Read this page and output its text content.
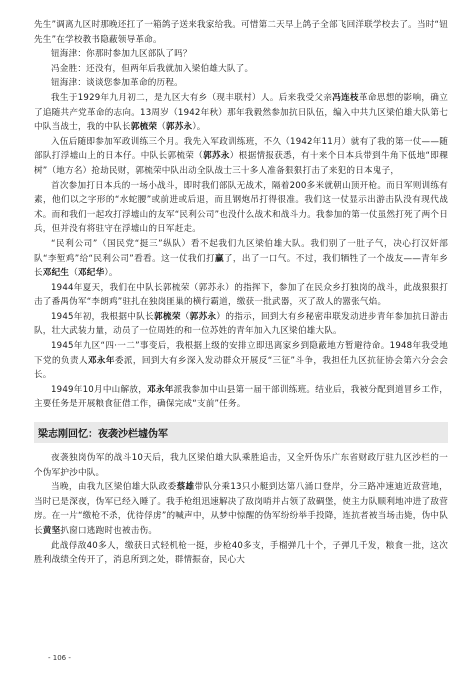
先生”调离九区时那晚还扛了一箱鸽子送来我家给我。可惜第二天早上鸽子全部飞回洋联学校去了。当时“钮先生”在学校教书隐蔽领导革命。

钮海津：你那时参加九区部队了吗？

冯金胜：还没有，但两年后我就加入梁伯雄大队了。

钮海津：谈谈您参加革命的历程。

我生于1929年九月初二，是九区大有乡（现丰联村）人。后来我受父亲冯连枝革命思想的影响，确立了追随共产党革命的志向。13周岁（1942年秋）那年我毅然参加抗日队伍，编入中共九区梁伯雄大队第七中队当战士，我的中队长郭梳荣（郭苏永）。

入伍后随即参加军政训练三个月。我先入军政训练班，不久（1942年11月）就有了我的第一仗——随部队打浮墟山上的日本仔。中队长郭梳荣（郭苏永）根据情报获悉，有十来个日本兵带到牛角下低地“即稞树”（地方名）抢劫民财，郭梳荣中队出动全队战士三十多人准备狠狠打击了来犯的日本鬼子，

首次参加打日本兵的一场小战斗，即时我们部队无战术，隔着200多米就朝山顶开枪。而日军则训练有素，他们以之字形的“水蛇腰”或前进或后退，而且钢炮吊打得很准。我们这一仗显示出游击队没有现代战术。而和我们一起攻打浮墟山的友军“民利公司”也没什么战术和战斗力。我参加的第一仗虽然打死了两个日兵，但并没有将驻守在浮墟山的日军赶走。

“民利公司”（国民党“挺三”纵队）看不起我们九区梁伯雄大队。我们别了一肚子气，决心打汉奸部队“李堑鸡”给“民利公司”看看。这一仗我们打赢了，出了一口气。不过，我们牺牲了一个战友——青年乡长邓纪生（邓纪华）。

1944年夏天，我们在中队长郭梳荣（郭苏永）的指挥下，参加了在民众乡打独岗的战斗，此战狠狠打击了番禺伪军“李朗鸡”驻扎在独岗匪巢的横行霸道，缴获一批武器，灭了敌人的嚣张气焰。

1945年初，我根据中队长郭梳荣（郭苏永）的指示，回到大有乡秘密串联发动进步青年参加抗日游击队，壮大武装力量，动员了一位周姓的和一位苏姓的青年加入九区梁伯雄大队。

1945年九区“四·一二”事变后，我根据上级的安排立即迅离家乡到隐蔽地方暂避待命。1948年我受地下党的负责人邓永年委派，回到大有乡深入发动群众开展反“三征”斗争，我担任九区抗征协会第六分会会长。

1949年10月中山解放，邓永年派我参加中山县第一届干部训练班。结业后，我被分配到道冒乡工作，主要任务是开展粮食征借工作，确保完成“支前”任务。

梁志刚回忆：夜袭沙栏墟伪军

夜袭独岗伪军的战斗10天后，我九区梁伯雄大队乘胜追击，又全歼伪乐广东省财政厅驻九区沙栏的一个伪军护沙中队。

当晚，由我九区梁伯雄大队政委蔡雄带队分乘13只小艇到达第八涌口登岸，分三路冲速迪近敌营地，当时已是深夜，伪军已经入睡了。我手枪组迅速解决了敌岗哨并占领了敌碉堡，使主力队顺利地冲进了敌营房。在一片“缴枪不杀，优待俘虏”的喊声中，从梦中惊醒的伪军纷纷举手投降，连抗者被当场击毙，伪中队长黄坚扒窗口逃跑时也被击伤。

此战俘敌40多人，缴获日式轻机枪一挺，步枪40多支，手榴弹几十个，子弹几千发，粮食一批，这次胜利战绩全传开了，消息所到之处，群情振奋，民心大

- 106 -
